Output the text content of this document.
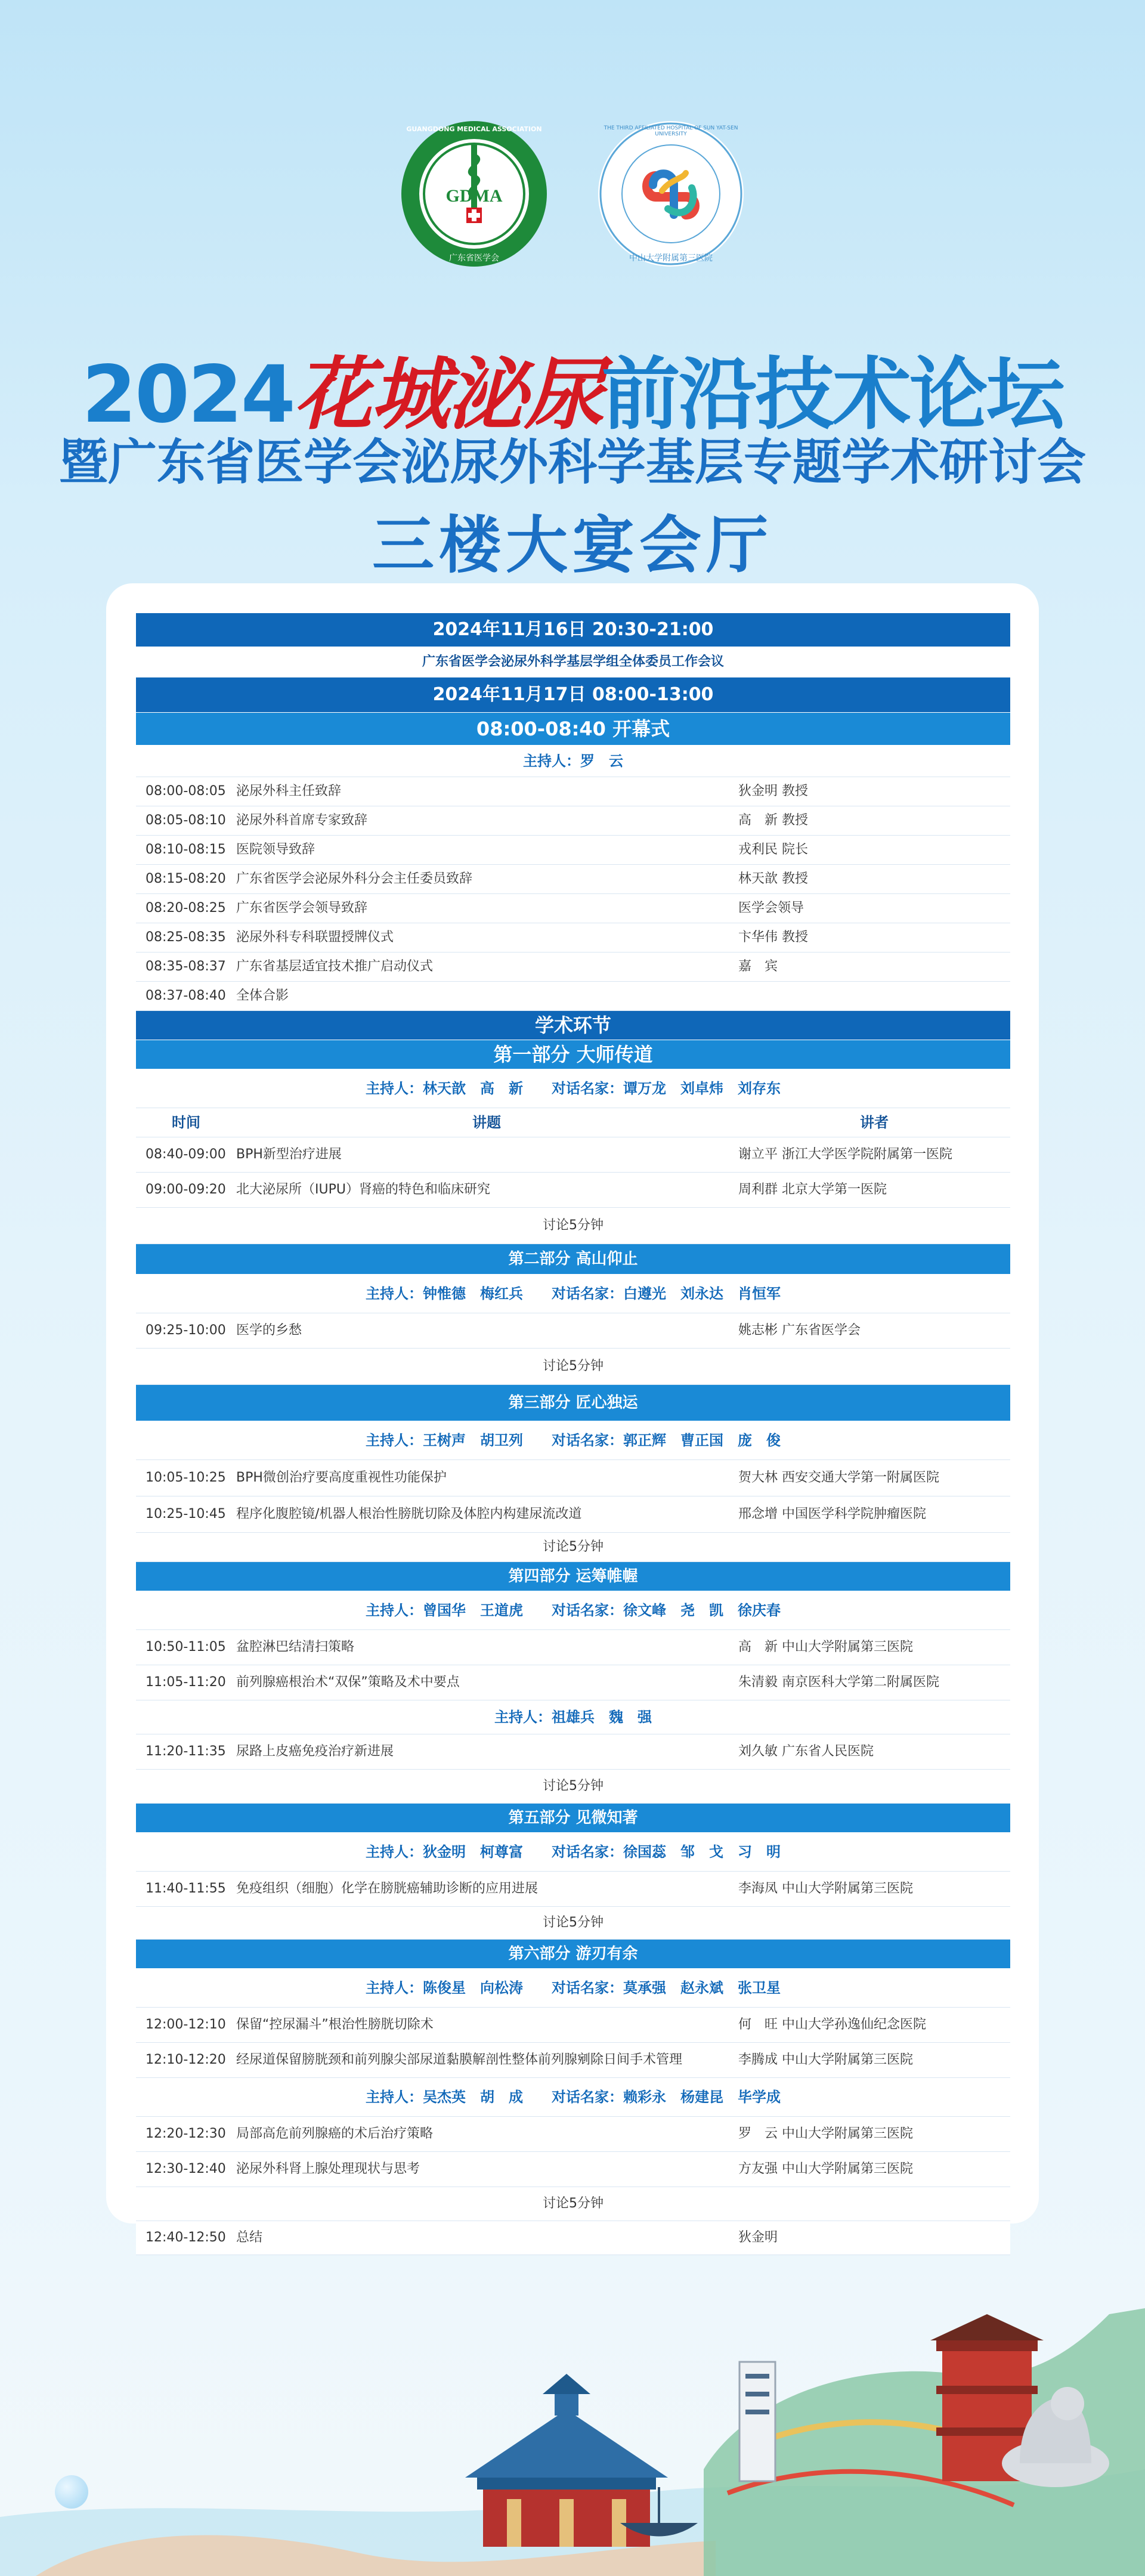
GDMA
GUANGDONG MEDICAL ASSOCIATION
广东省医学会
THE THIRD AFFILIATED HOSPITAL OF SUN YAT-SEN UNIVERSITY
中山大学附属第三医院
2024花城泌尿前沿技术论坛
暨广东省医学会泌尿外科学基层专题学术研讨会
三楼大宴会厅
2024年11月16日 20:30-21:00
广东省医学会泌尿外科学基层学组全体委员工作会议
2024年11月17日 08:00-13:00
08:00-08:40 开幕式
主持人：罗　云
08:00-08:05 泌尿外科主任致辞	狄金明 教授
08:05-08:10 泌尿外科首席专家致辞	高　新 教授
08:10-08:15 医院领导致辞	戎利民 院长
08:15-08:20 广东省医学会泌尿外科分会主任委员致辞	林天歆 教授
08:20-08:25 广东省医学会领导致辞	医学会领导
08:25-08:35 泌尿外科专科联盟授牌仪式	卞华伟 教授
08:35-08:37 广东省基层适宜技术推广启动仪式	嘉　宾
08:37-08:40 全体合影
学术环节
第一部分 大师传道
主持人：林天歆　高　新　　对话名家：谭万龙　刘卓炜　刘存东
时间	讲题	讲者
08:40-09:00 BPH新型治疗进展	谢立平 浙江大学医学院附属第一医院
09:00-09:20 北大泌尿所（IUPU）肾癌的特色和临床研究	周利群 北京大学第一医院
讨论5分钟
第二部分 高山仰止
主持人：钟惟德　梅红兵　　对话名家：白遵光　刘永达　肖恒军
09:25-10:00 医学的乡愁	姚志彬 广东省医学会
讨论5分钟
第三部分 匠心独运
主持人：王树声　胡卫列　　对话名家：郭正辉　曹正国　庞　俊
10:05-10:25 BPH微创治疗要高度重视性功能保护	贺大林 西安交通大学第一附属医院
10:25-10:45 程序化腹腔镜/机器人根治性膀胱切除及体腔内构建尿流改道	邢念增 中国医学科学院肿瘤医院
讨论5分钟
第四部分 运筹帷幄
主持人：曾国华　王道虎　　对话名家：徐文峰　尧　凯　徐庆春
10:50-11:05 盆腔淋巴结清扫策略	高　新 中山大学附属第三医院
11:05-11:20 前列腺癌根治术“双保”策略及术中要点	朱清毅 南京医科大学第二附属医院
主持人：祖雄兵　魏　强
11:20-11:35 尿路上皮癌免疫治疗新进展	刘久敏 广东省人民医院
讨论5分钟
第五部分 见微知著
主持人：狄金明　柯尊富　　对话名家：徐国蕊　邹　戈　习　明
11:40-11:55 免疫组织（细胞）化学在膀胱癌辅助诊断的应用进展	李海凤 中山大学附属第三医院
讨论5分钟
第六部分 游刃有余
主持人：陈俊星　向松涛　　对话名家：莫承强　赵永斌　张卫星
12:00-12:10 保留“控尿漏斗”根治性膀胱切除术	何　旺 中山大学孙逸仙纪念医院
12:10-12:20 经尿道保留膀胱颈和前列腺尖部尿道黏膜解剖性整体前列腺剜除日间手术管理	李腾成 中山大学附属第三医院
主持人：吴杰英　胡　成　　对话名家：赖彩永　杨建昆　毕学成
12:20-12:30 局部高危前列腺癌的术后治疗策略	罗　云 中山大学附属第三医院
12:30-12:40 泌尿外科肾上腺处理现状与思考	方友强 中山大学附属第三医院
讨论5分钟
12:40-12:50 总结	狄金明
